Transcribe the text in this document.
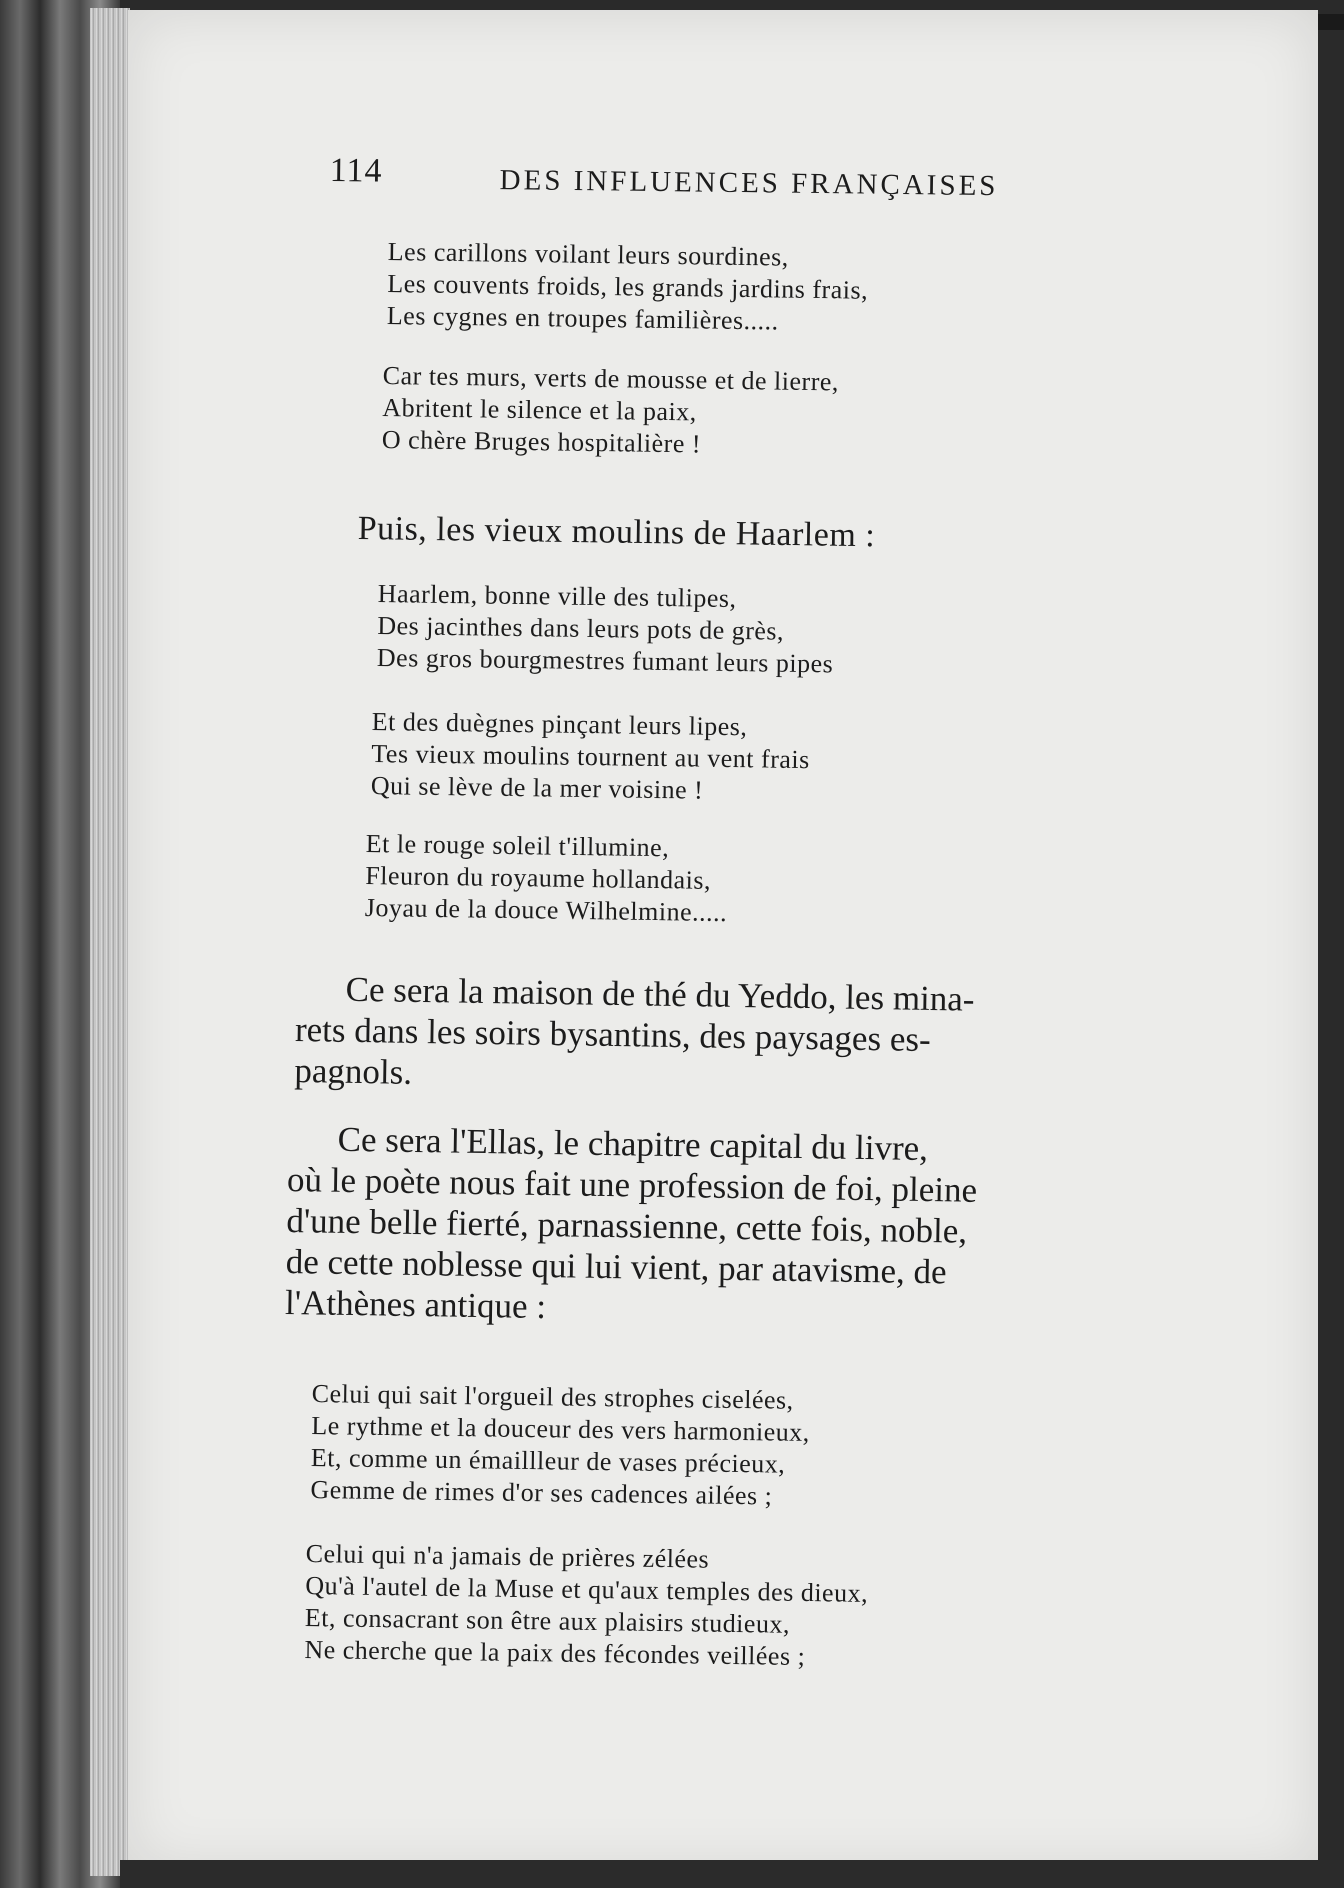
114	DES INFLUENCES FRANÇAISES
Les carillons voilant leurs sourdines,
Les couvents froids, les grands jardins frais,
Les cygnes en troupes familières.....
Car tes murs, verts de mousse et de lierre,
Abritent le silence et la paix,
O chère Bruges hospitalière !
Puis, les vieux moulins de Haarlem :
Haarlem, bonne ville des tulipes,
Des jacinthes dans leurs pots de grès,
Des gros bourgmestres fumant leurs pipes
Et des duègnes pinçant leurs lipes,
Tes vieux moulins tournent au vent frais
Qui se lève de la mer voisine !
Et le rouge soleil t'illumine,
Fleuron du royaume hollandais,
Joyau de la douce Wilhelmine.....
Ce sera la maison de thé du Yeddo, les mina-
rets dans les soirs bysantins, des paysages es-
pagnols.
Ce sera l'Ellas, le chapitre capital du livre,
où le poète nous fait une profession de foi, pleine
d'une belle fierté, parnassienne, cette fois, noble,
de cette noblesse qui lui vient, par atavisme, de
l'Athènes antique :
Celui qui sait l'orgueil des strophes ciselées,
Le rythme et la douceur des vers harmonieux,
Et, comme un émaillleur de vases précieux,
Gemme de rimes d'or ses cadences ailées ;
Celui qui n'a jamais de prières zélées
Qu'à l'autel de la Muse et qu'aux temples des dieux,
Et, consacrant son être aux plaisirs studieux,
Ne cherche que la paix des fécondes veillées ;
